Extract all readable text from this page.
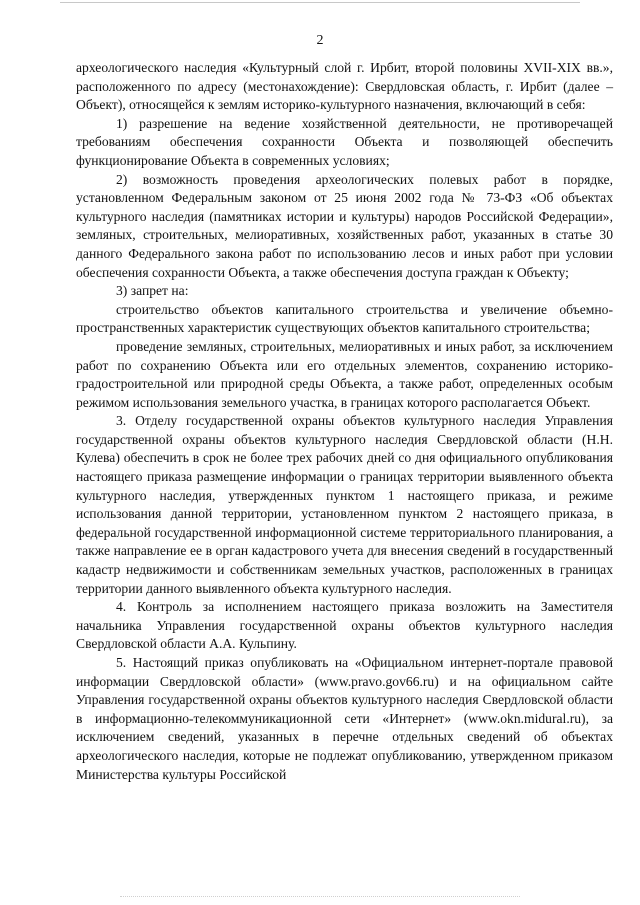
2

археологического наследия «Культурный слой г. Ирбит, второй половины XVII-XIX вв.», расположенного по адресу (местонахождение): Свердловская область, г. Ирбит (далее – Объект), относящейся к землям историко-культурного назначения, включающий в себя:

1) разрешение на ведение хозяйственной деятельности, не противоречащей требованиям обеспечения сохранности Объекта и позволяющей обеспечить функционирование Объекта в современных условиях;

2) возможность проведения археологических полевых работ в порядке, установленном Федеральным законом от 25 июня 2002 года № 73-ФЗ «Об объектах культурного наследия (памятниках истории и культуры) народов Российской Федерации», земляных, строительных, мелиоративных, хозяйственных работ, указанных в статье 30 данного Федерального закона работ по использованию лесов и иных работ при условии обеспечения сохранности Объекта, а также обеспечения доступа граждан к Объекту;

3) запрет на:

строительство объектов капитального строительства и увеличение объемно-пространственных характеристик существующих объектов капитального строительства;

проведение земляных, строительных, мелиоративных и иных работ, за исключением работ по сохранению Объекта или его отдельных элементов, сохранению историко-градостроительной или природной среды Объекта, а также работ, определенных особым режимом использования земельного участка, в границах которого располагается Объект.

3. Отделу государственной охраны объектов культурного наследия Управления государственной охраны объектов культурного наследия Свердловской области (Н.Н. Кулева) обеспечить в срок не более трех рабочих дней со дня официального опубликования настоящего приказа размещение информации о границах территории выявленного объекта культурного наследия, утвержденных пунктом 1 настоящего приказа, и режиме использования данной территории, установленном пунктом 2 настоящего приказа, в федеральной государственной информационной системе территориального планирования, а также направление ее в орган кадастрового учета для внесения сведений в государственный кадастр недвижимости и собственникам земельных участков, расположенных в границах территории данного выявленного объекта культурного наследия.

4. Контроль за исполнением настоящего приказа возложить на Заместителя начальника Управления государственной охраны объектов культурного наследия Свердловской области А.А. Кульпину.

5. Настоящий приказ опубликовать на «Официальном интернет-портале правовой информации Свердловской области» (www.pravo.gov66.ru) и на официальном сайте Управления государственной охраны объектов культурного наследия Свердловской области в информационно-телекоммуникационной сети «Интернет» (www.okn.midural.ru), за исключением сведений, указанных в перечне отдельных сведений об объектах археологического наследия, которые не подлежат опубликованию, утвержденном приказом Министерства культуры Российской
